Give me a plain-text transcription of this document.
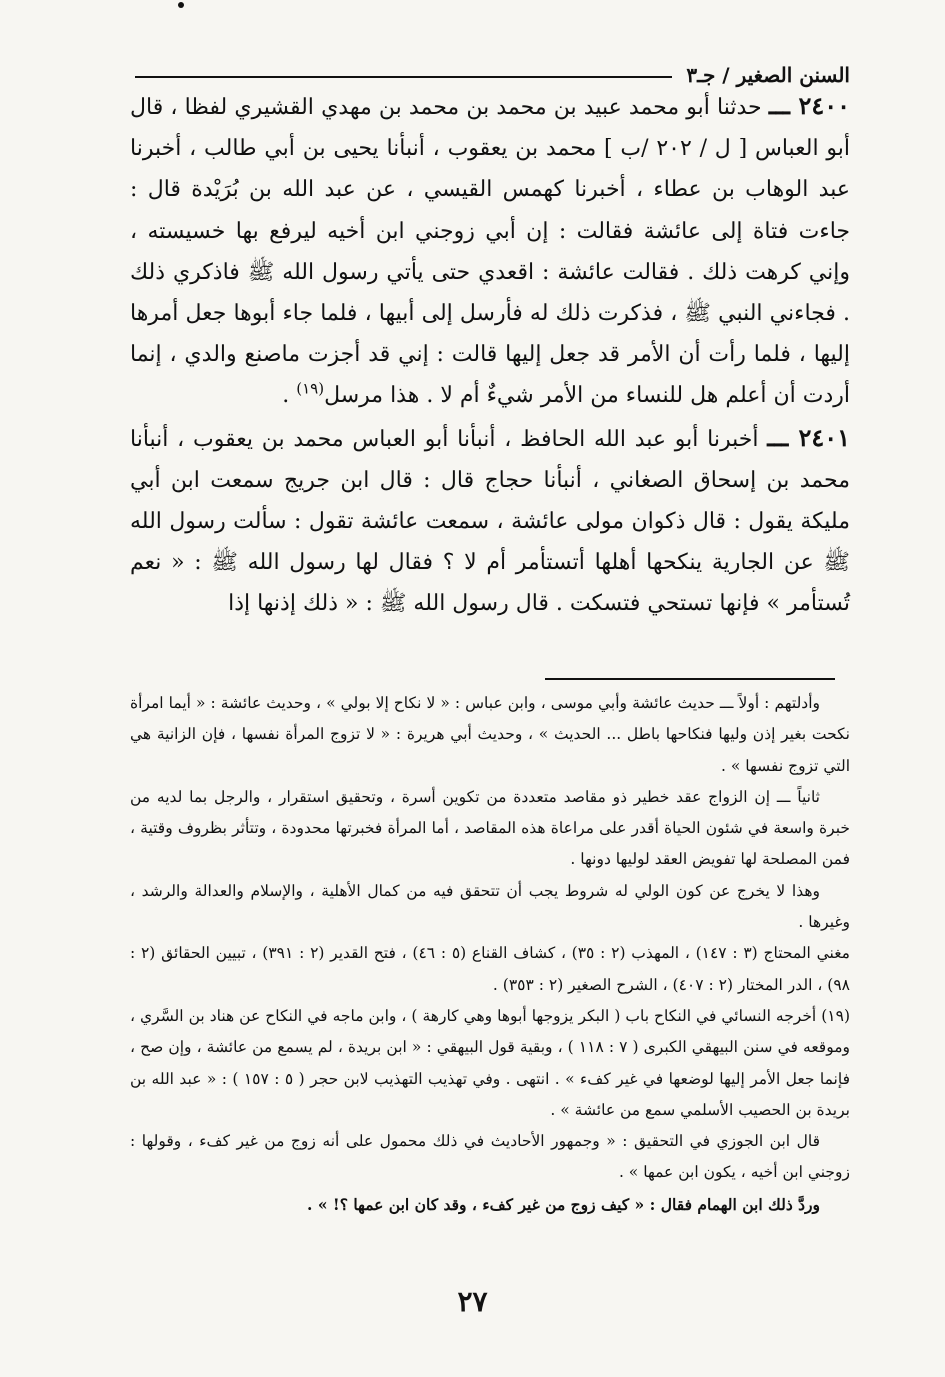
السنن الصغير / جـ٣

٢٤٠٠ ـــ حدثنا أبو محمد عبيد بن محمد بن محمد بن مهدي القشيري لفظا ، قال أبو العباس [ ل / ٢٠٢ /ب ] محمد بن يعقوب ، أنبأنا يحيى بن أبي طالب ، أخبرنا عبد الوهاب بن عطاء ، أخبرنا كهمس القيسي ، عن عبد الله بن بُرَيْدة قال : جاءت فتاة إلى عائشة فقالت : إن أبي زوجني ابن أخيه ليرفع بها خسيسته ، وإني كرهت ذلك . فقالت عائشة : اقعدي حتى يأتي رسول الله ﷺ فاذكري ذلك . فجاءني النبي ﷺ ، فذكرت ذلك له فأرسل إلى أبيها ، فلما جاء أبوها جعل أمرها إليها ، فلما رأت أن الأمر قد جعل إليها قالت : إني قد أجزت ماصنع والدي ، إنما أردت أن أعلم هل للنساء من الأمر شيءٌ أم لا . هذا مرسل$^{(١٩)}$ .

٢٤٠١ ـــ أخبرنا أبو عبد الله الحافظ ، أنبأنا أبو العباس محمد بن يعقوب ، أنبأنا محمد بن إسحاق الصغاني ، أنبأنا حجاج قال : قال ابن جريج سمعت ابن أبي مليكة يقول : قال ذكوان مولى عائشة ، سمعت عائشة تقول : سألت رسول الله ﷺ عن الجارية ينكحها أهلها أتستأمر أم لا ؟ فقال لها رسول الله ﷺ : « نعم تُستأمر » فإنها تستحي فتسكت . قال رسول الله ﷺ : « ذلك إذنها إذا

وأدلتهم : أولاً ـــ حديث عائشة وأبي موسى ، وابن عباس : « لا نكاح إلا بولي » ، وحديث عائشة : « أيما امرأة نكحت بغير إذن وليها فنكاحها باطل ... الحديث » ، وحديث أبي هريرة : « لا تزوج المرأة نفسها ، فإن الزانية هي التي تزوج نفسها » .

ثانياً ـــ إن الزواج عقد خطير ذو مقاصد متعددة من تكوين أسرة ، وتحقيق استقرار ، والرجل بما لديه من خبرة واسعة في شئون الحياة أقدر على مراعاة هذه المقاصد ، أما المرأة فخبرتها محدودة ، وتتأثر بظروف وقتية ، فمن المصلحة لها تفويض العقد لوليها دونها .

وهذا لا يخرج عن كون الولي له شروط يجب أن تتحقق فيه من كمال الأهلية ، والإسلام والعدالة والرشد ، وغيرها .

مغني المحتاج (٣ : ١٤٧) ، المهذب (٢ : ٣٥) ، كشاف القناع (٥ : ٤٦) ، فتح القدير (٢ : ٣٩١) ، تبيين الحقائق (٢ : ٩٨) ، الدر المختار (٢ : ٤٠٧) ، الشرح الصغير (٢ : ٣٥٣) .

(١٩) أخرجه النسائي في النكاح باب ( البكر يزوجها أبوها وهي كارهة ) ، وابن ماجه في النكاح عن هناد بن السَّري ، وموقعه في سنن البيهقي الكبرى ( ٧ : ١١٨ ) ، وبقية قول البيهقي : « ابن بريدة ، لم يسمع من عائشة ، وإن صح ، فإنما جعل الأمر إليها لوضعها في غير كفء » . انتهى . وفي تهذيب التهذيب لابن حجر ( ٥ : ١٥٧ ) : « عبد الله بن بريدة بن الحصيب الأسلمي سمع من عائشة » .

قال ابن الجوزي في التحقيق : « وجمهور الأحاديث في ذلك محمول على أنه زوج من غير كفء ، وقولها : زوجني ابن أخيه ، يكون ابن عمها » .

وردَّ ذلك ابن الهمام فقال : « كيف زوج من غير كفء ، وقد كان ابن عمها ؟! » .

٢٧
